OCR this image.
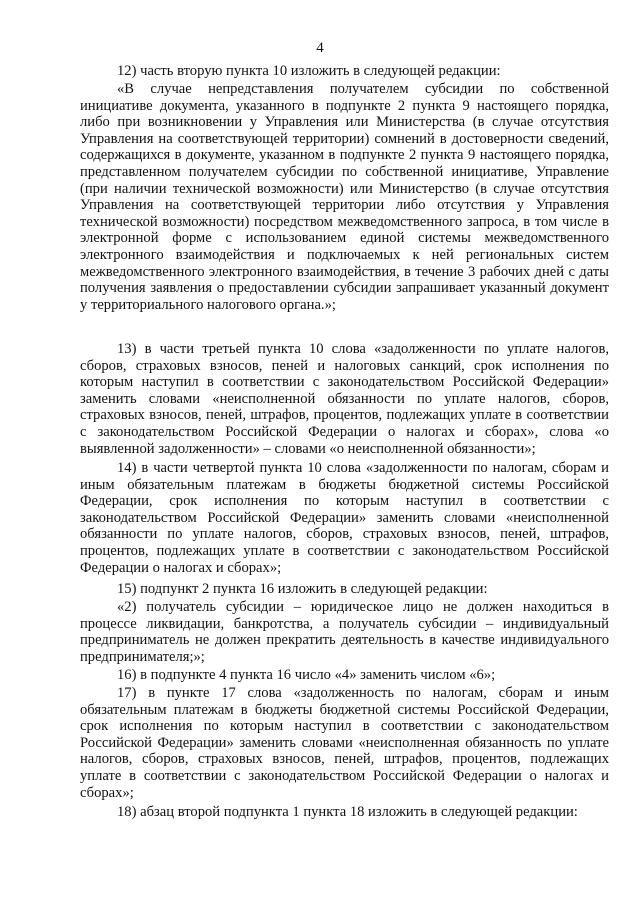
4

12) часть вторую пункта 10 изложить в следующей редакции:

«В случае непредставления получателем субсидии по собственной инициативе документа, указанного в подпункте 2 пункта 9 настоящего порядка, либо при возникновении у Управления или Министерства (в случае отсутствия Управления на соответствующей территории) сомнений в достоверности сведений, содержащихся в документе, указанном в подпункте 2 пункта 9 настоящего порядка, представленном получателем субсидии по собственной инициативе, Управление (при наличии технической возможности) или Министерство (в случае отсутствия Управления на соответствующей территории либо отсутствия у Управления технической возможности) посредством межведомственного запроса, в том числе в электронной форме с использованием единой системы межведомственного электронного взаимодействия и подключаемых к ней региональных систем межведомственного электронного взаимодействия, в течение 3 рабочих дней с даты получения заявления о предоставлении субсидии запрашивает указанный документ у территориального налогового органа.»;

13) в части третьей пункта 10 слова «задолженности по уплате налогов, сборов, страховых взносов, пеней и налоговых санкций, срок исполнения по которым наступил в соответствии с законодательством Российской Федерации» заменить словами «неисполненной обязанности по уплате налогов, сборов, страховых взносов, пеней, штрафов, процентов, подлежащих уплате в соответствии с законодательством Российской Федерации о налогах и сборах», слова «о выявленной задолженности» – словами «о неисполненной обязанности»;

14) в части четвертой пункта 10 слова «задолженности по налогам, сборам и иным обязательным платежам в бюджеты бюджетной системы Российской Федерации, срок исполнения по которым наступил в соответствии с законодательством Российской Федерации» заменить словами «неисполненной обязанности по уплате налогов, сборов, страховых взносов, пеней, штрафов, процентов, подлежащих уплате в соответствии с законодательством Российской Федерации о налогах и сборах»;

15) подпункт 2 пункта 16 изложить в следующей редакции:

«2) получатель субсидии – юридическое лицо не должен находиться в процессе ликвидации, банкротства, а получатель субсидии – индивидуальный предприниматель не должен прекратить деятельность в качестве индивидуального предпринимателя;»;

16) в подпункте 4 пункта 16 число «4» заменить числом «6»;

17) в пункте 17 слова «задолженность по налогам, сборам и иным обязательным платежам в бюджеты бюджетной системы Российской Федерации, срок исполнения по которым наступил в соответствии с законодательством Российской Федерации» заменить словами «неисполненная обязанность по уплате налогов, сборов, страховых взносов, пеней, штрафов, процентов, подлежащих уплате в соответствии с законодательством Российской Федерации о налогах и сборах»;

18) абзац второй подпункта 1 пункта 18 изложить в следующей редакции:
